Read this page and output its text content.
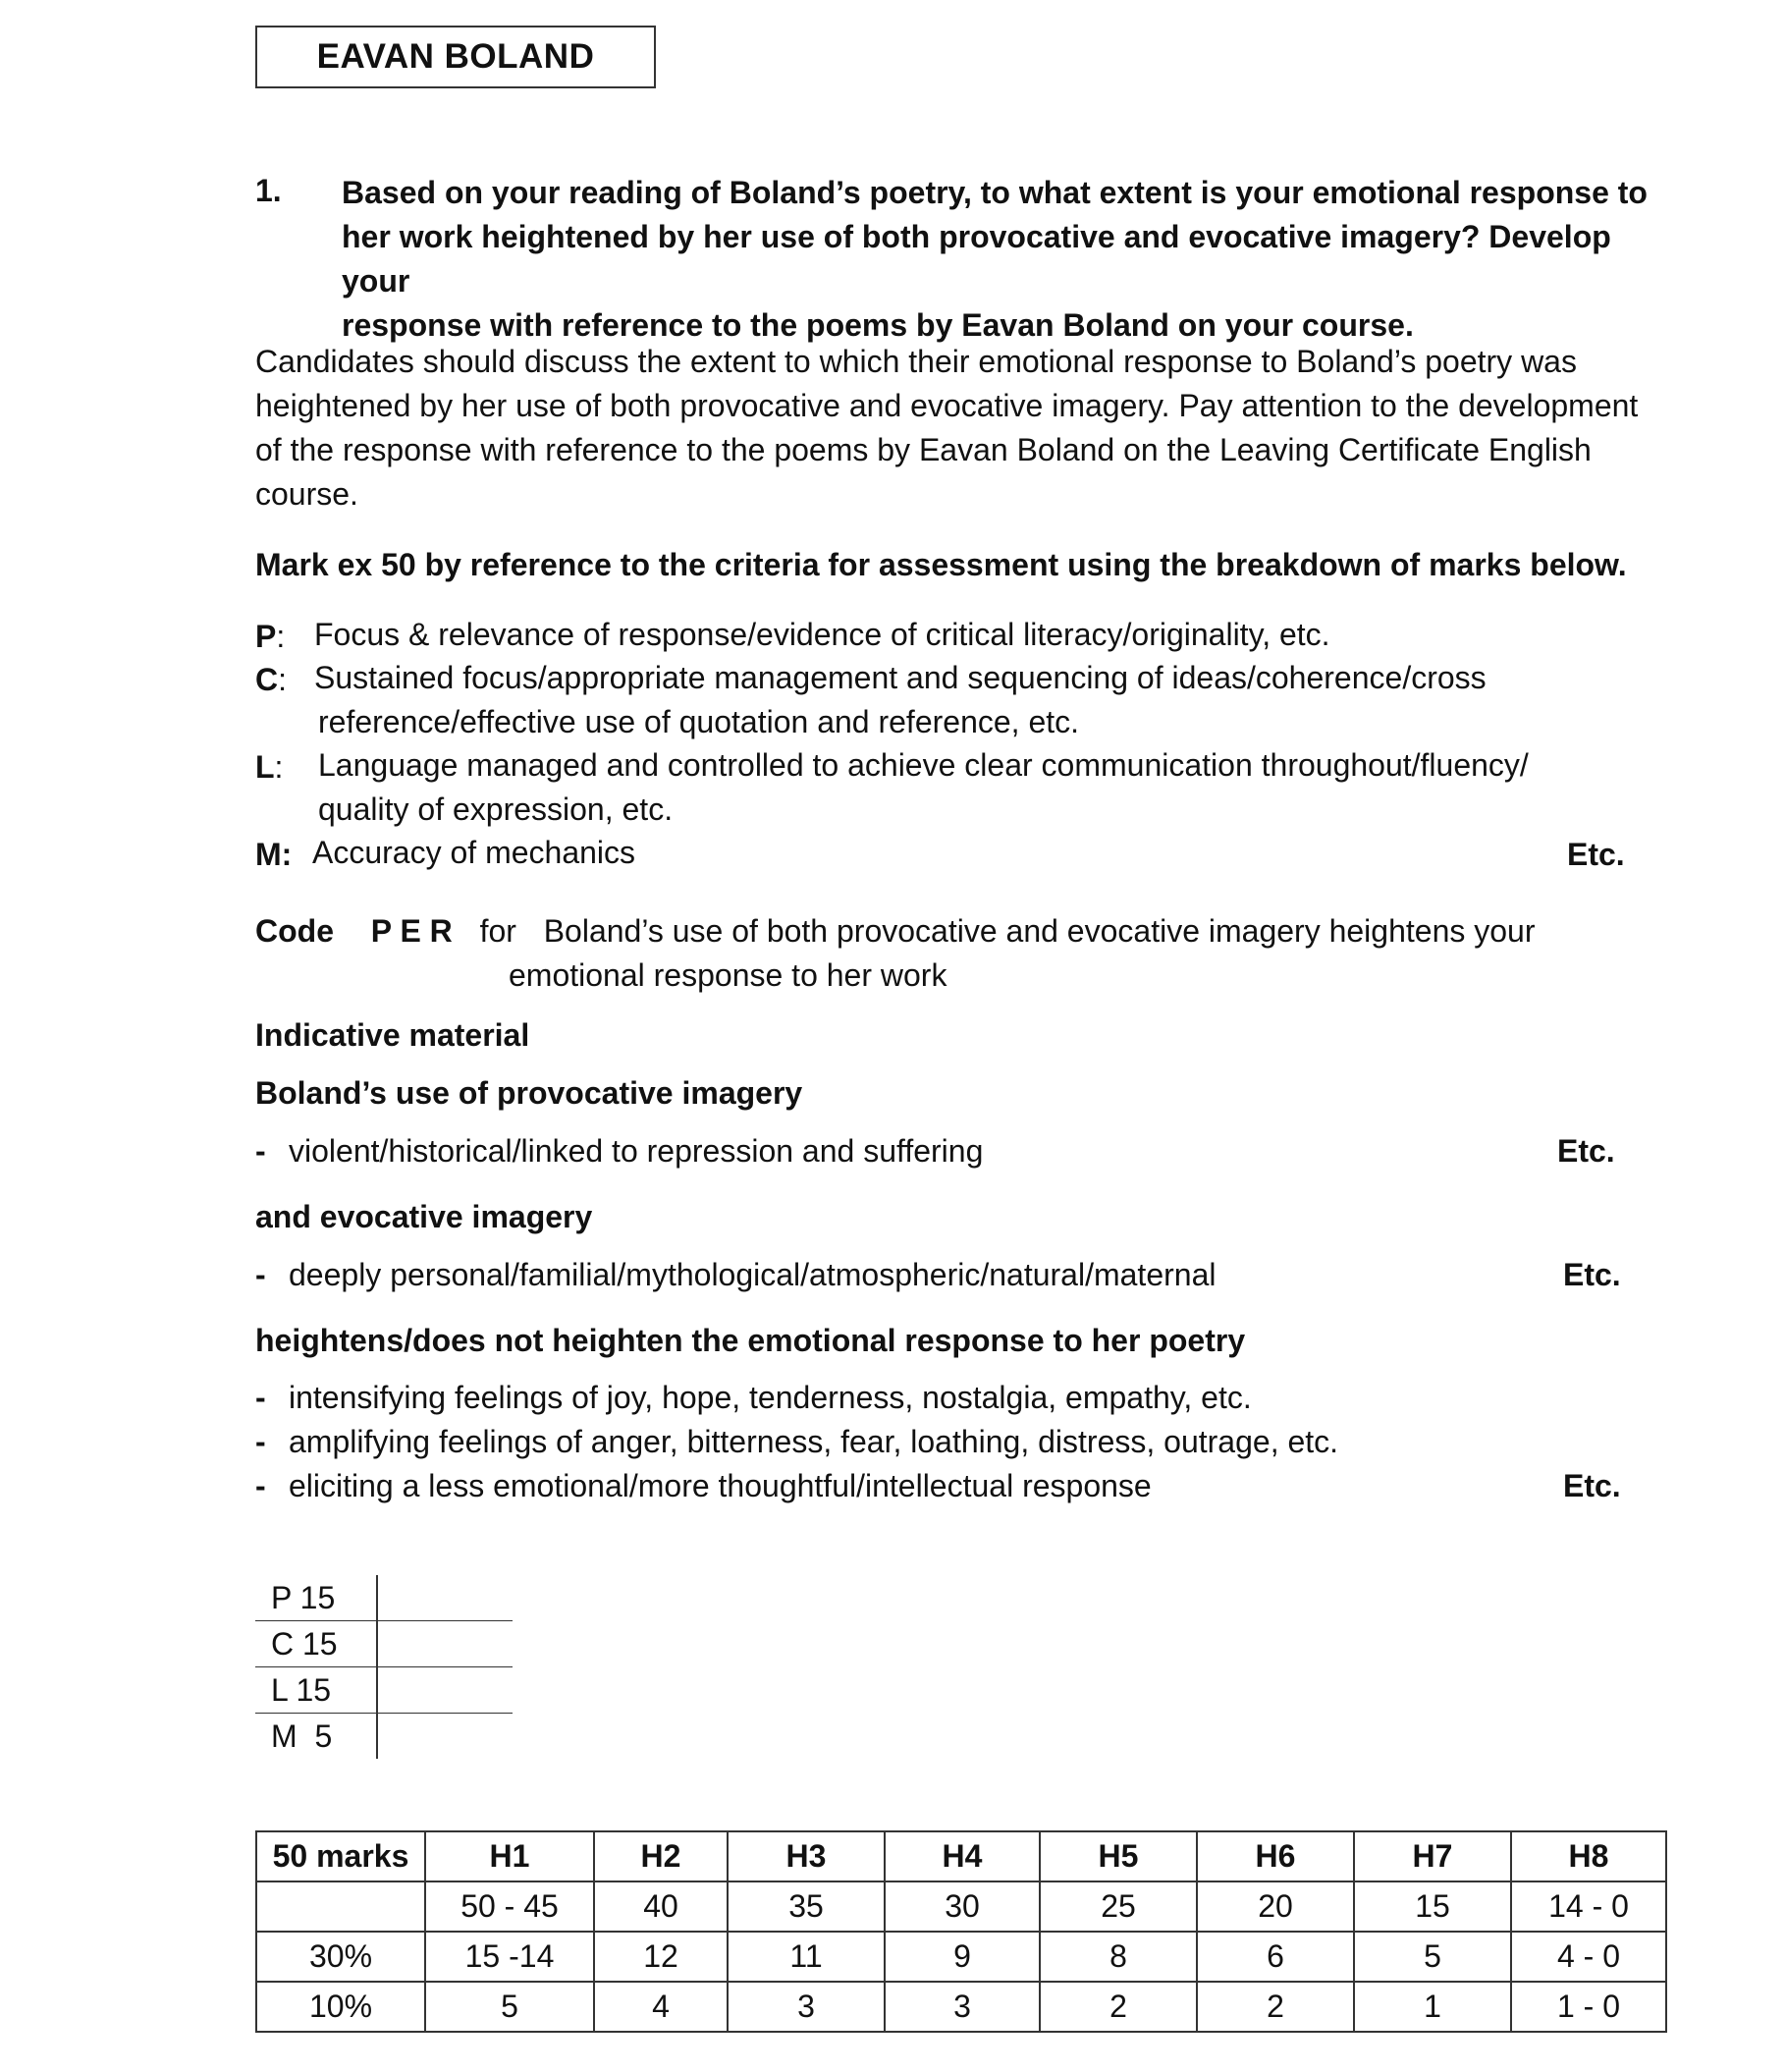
EAVAN BOLAND
1. Based on your reading of Boland’s poetry, to what extent is your emotional response to
her work heightened by her use of both provocative and evocative imagery? Develop your
response with reference to the poems by Eavan Boland on your course.
Candidates should discuss the extent to which their emotional response to Boland’s poetry was
heightened by her use of both provocative and evocative imagery. Pay attention to the development
of the response with reference to the poems by Eavan Boland on the Leaving Certificate English
course.
Mark ex 50 by reference to the criteria for assessment using the breakdown of marks below.
P: Focus & relevance of response/evidence of critical literacy/originality, etc.
C: Sustained focus/appropriate management and sequencing of ideas/coherence/cross
reference/effective use of quotation and reference, etc.
L: Language managed and controlled to achieve clear communication throughout/fluency/
quality of expression, etc.
M: Accuracy of mechanics	Etc.
Code P E R for Boland’s use of both provocative and evocative imagery heightens your
emotional response to her work
Indicative material
Boland’s use of provocative imagery
- violent/historical/linked to repression and suffering	Etc.
and evocative imagery
- deeply personal/familial/mythological/atmospheric/natural/maternal	Etc.
heightens/does not heighten the emotional response to her poetry
- intensifying feelings of joy, hope, tenderness, nostalgia, empathy, etc.
- amplifying feelings of anger, bitterness, fear, loathing, distress, outrage, etc.
- eliciting a less emotional/more thoughtful/intellectual response	Etc.
P 15	
C 15	
L 15	
M  5	
50 marks	H1	H2	H3	H4	H5	H6	H7	H8
	50 - 45	40	35	30	25	20	15	14 - 0
30%	15 -14	12	11	9	8	6	5	4 - 0
10%	5	4	3	3	2	2	1	1 - 0
